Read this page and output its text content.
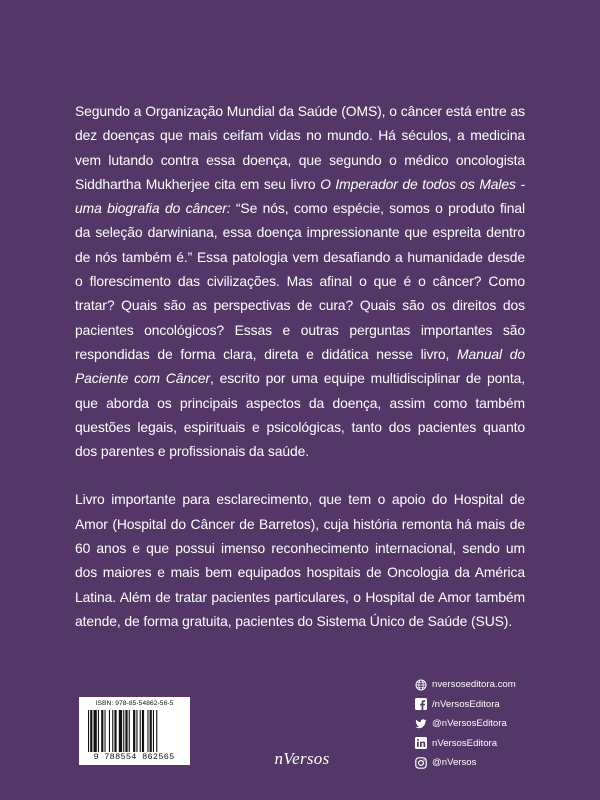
Segundo a Organização Mundial da Saúde (OMS), o câncer está entre as dez doenças que mais ceifam vidas no mundo. Há séculos, a medicina vem lutando contra essa doença, que segundo o médico oncologista Siddhartha Mukherjee cita em seu livro O Imperador de todos os Males - uma biografia do câncer: “Se nós, como espécie, somos o produto final da seleção darwiniana, essa doença impressionante que espreita dentro de nós também é.” Essa patologia vem desafiando a humanidade desde o florescimento das civilizações. Mas afinal o que é o câncer? Como tratar? Quais são as perspectivas de cura? Quais são os direitos dos pacientes oncológicos? Essas e outras perguntas importantes são respondidas de forma clara, direta e didática nesse livro, Manual do Paciente com Câncer, escrito por uma equipe multidisciplinar de ponta, que aborda os principais aspectos da doença, assim como também questões legais, espirituais e psicológicas, tanto dos pacientes quanto dos parentes e profissionais da saúde.

Livro importante para esclarecimento, que tem o apoio do Hospital de Amor (Hospital do Câncer de Barretos), cuja história remonta há mais de 60 anos e que possui imenso reconhecimento internacional, sendo um dos maiores e mais bem equipados hospitais de Oncologia da América Latina. Além de tratar pacientes particulares, o Hospital de Amor também atende, de forma gratuita, pacientes do Sistema Único de Saúde (SUS).

ISBN: 978-85-54862-56-5
9 788554 862565	nVersos
nversoseditora.com
/nVersosEditora
@nVersosEditora
nVersosEditora
@nVersos
